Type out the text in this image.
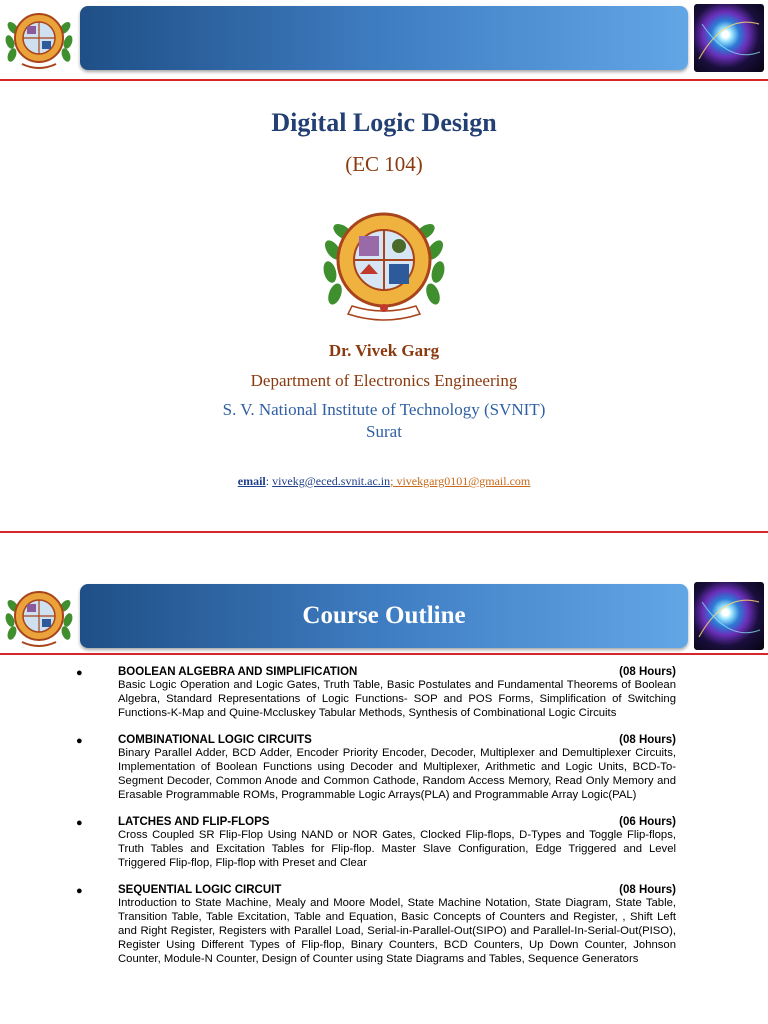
Digital Logic Design
(EC 104)
Dr. Vivek Garg
Department of Electronics Engineering
S. V. National Institute of Technology (SVNIT)
Surat
email: vivekg@eced.svnit.ac.in; vivekgarg0101@gmail.com
Course Outline
●	BOOLEAN ALGEBRA AND SIMPLIFICATION	(08 Hours)
Basic Logic Operation and Logic Gates, Truth Table, Basic Postulates and Fundamental Theorems of Boolean Algebra, Standard Representations of Logic Functions- SOP and POS Forms, Simplification of Switching Functions-K-Map and Quine-Mccluskey Tabular Methods, Synthesis of Combinational Logic Circuits
●	COMBINATIONAL LOGIC CIRCUITS	(08 Hours)
Binary Parallel Adder, BCD Adder, Encoder Priority Encoder, Decoder, Multiplexer and Demultiplexer Circuits, Implementation of Boolean Functions using Decoder and Multiplexer, Arithmetic and Logic Units, BCD-To-Segment Decoder, Common Anode and Common Cathode, Random Access Memory, Read Only Memory and Erasable Programmable ROMs, Programmable Logic Arrays(PLA) and Programmable Array Logic(PAL)
●	LATCHES AND FLIP-FLOPS	(06 Hours)
Cross Coupled SR Flip-Flop Using NAND or NOR Gates, Clocked Flip-flops, D-Types and Toggle Flip-flops, Truth Tables and Excitation Tables for Flip-flop. Master Slave Configuration, Edge Triggered and Level Triggered Flip-flop, Flip-flop with Preset and Clear
●	SEQUENTIAL LOGIC CIRCUIT	(08 Hours)
Introduction to State Machine, Mealy and Moore Model, State Machine Notation, State Diagram, State Table, Transition Table, Table Excitation, Table and Equation, Basic Concepts of Counters and Register, , Shift Left and Right Register, Registers with Parallel Load, Serial-in-Parallel-Out(SIPO) and Parallel-In-Serial-Out(PISO), Register Using Different Types of Flip-flop, Binary Counters, BCD Counters, Up Down Counter, Johnson Counter, Module-N Counter, Design of Counter using State Diagrams and Tables, Sequence Generators
